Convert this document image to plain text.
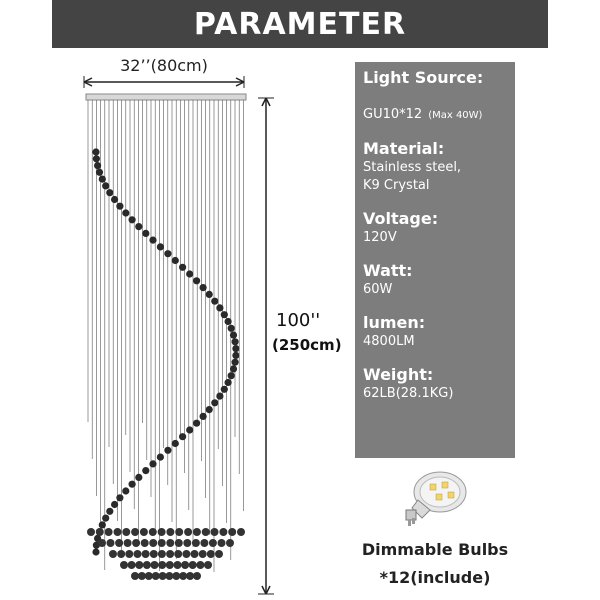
PARAMETER
32’’(80cm)
100''
(250cm)
Light Source:

GU10*12 (Max 40W)

Material:
Stainless steel,
K9 Crystal
Voltage:
120V
Watt:
60W
lumen:
4800LM
Weight:
62LB(28.1KG)
Dimmable Bulbs
*12(include)
